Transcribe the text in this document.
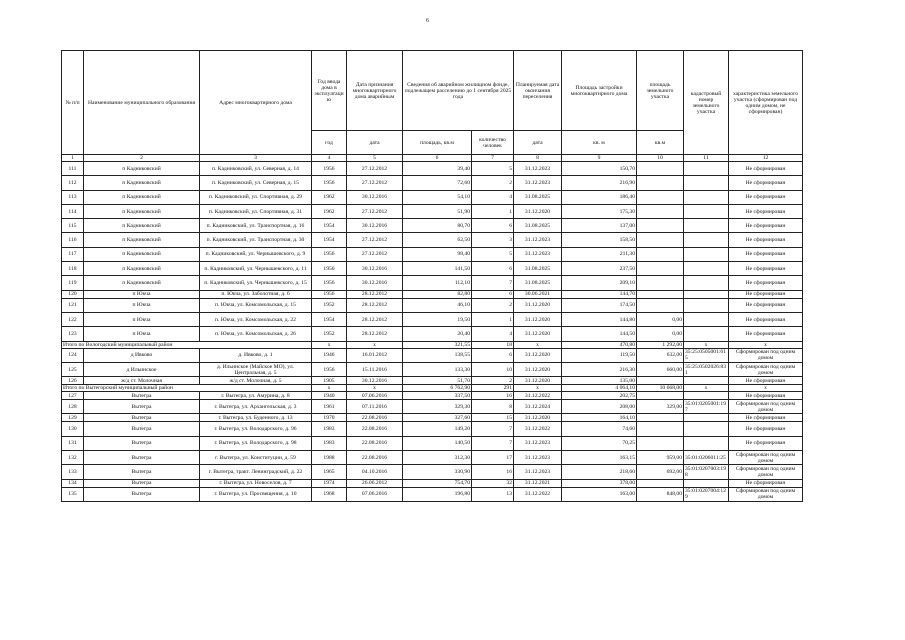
6
№ п/п	Наименование муниципального образования	Адрес многоквартирного дома	Год ввода дома в эксплуатацию	Дата признания многоквартирного дома аварийным	Сведения об аварийном жилищном фонде, подлежащем расселению до 1 сентября 2025 года		Планируемая дата окончания переселения	Площадь застройки многоквартирного дома	площадь земельного участка	кадастровый номер земельного участка	характеристика земельного участка (сформирован под одним домом, не сформирован)
			год	дата	площадь, кв.м	количество человек	дата	кв. м	кв.м		
1	2	3	4	5	6	7	8	9	10	11	12
111	п Кадниковский	п. Кадниковский, ул. Северная, д. 14	1956	27.12.2012	39,40	5	31.12.2023	150,70			Не сформирован
112	п Кадниковский	п. Кадниковский, ул. Северная, д. 15	1956	27.12.2012	72,60	2	31.12.2023	216,90			Не сформирован
113	п Кадниковский	п. Кадниковский, ул. Спортивная, д. 29	1962	30.12.2016	54,10	4	31.08.2025	186,40			Не сформирован
114	п Кадниковский	п. Кадниковский, ул. Спортивная, д. 31	1962	27.12.2012	51,90	1	31.12.2020	175,30			Не сформирован
115	п Кадниковский	п. Кадниковский, ул. Транспортная, д. 16	1954	30.12.2016	80,70	6	31.08.2025	137,00			Не сформирован
116	п Кадниковский	п. Кадниковский, ул. Транспортная, д. 30	1954	27.12.2012	62,50	3	31.12.2023	158,50			Не сформирован
117	п Кадниковский	п. Кадниковский, ул. Чернышевского, д. 9	1956	27.12.2012	98,40	5	31.12.2023	211,30			Не сформирован
118	п Кадниковский	п. Кадниковский, ул. Чернышевского, д. 11	1950	30.12.2016	141,50	6	31.08.2025	237,50			Не сформирован
119	п Кадниковский	п. Кадниковский, ул. Чернышевского, д. 15	1956	30.12.2016	112,10	7	31.08.2025	209,10			Не сформирован
120	п Юкча	п. Юкча, ул. Заболотная, д. 6	1956	28.12.2012	82,80	6	30.06.2021	144,70			Не сформирован
121	п Юкча	п. Юкча, ул. Комсомольская, д. 15	1952	28.12.2012	46,10	2	31.12.2020	174,50			Не сформирован
122	п Юкча	п. Юкча, ул. Комсомольская, д. 22	1954	28.12.2012	19,50	1	31.12.2020	144,80	0,00		Не сформирован
123	п Юкча	п. Юкча, ул. Комсомольская, д. 26	1952	28.12.2012	20,40	4	31.12.2020	144,50	0,00		Не сформирован
Итого по Вологодский муниципальный район			x	x	321,55	18	x	470,80	1 292,00	x	x
124	д Ивково	д. Ивково, д. 1	1946	16.01.2012	138,55	6	31.12.2020	119,50	632,00	35:25:0505001:615	Сформирован под одним домом
125	д Ильинское	д. Ильинское (Майское МО), ул. Центральная, д. 5	1956	15.11.2016	133,30	10	31.12.2020	216,30	660,00	35:25:0502026:831	Сформирован под одним домом
126	ж/д ст. Молочная	ж/д ст. Молочная, д. 5	1905	30.12.2016	51,70	2	31.12.2020	135,00			Не сформирован
Итого по Вытегорский муниципальный район			x	x	6 762,90	291	x	4 064,10	10 668,00	x	x
127	Вытегра	г. Вытегра, ул. Амурина, д. 8	1940	07.06.2016	337,50	16	31.12.2022	202,75			Не сформирован
128	Вытегра	г. Вытегра, ул. Архангельская, д. 3	1961	07.11.2016	329,30	8	31.12.2024	208,00	329,00	35:01:0205001:197	Сформирован под одним домом
129	Вытегра	г. Вытегра, ул. Буденного, д. 13	1970	22.08.2016	327,60	15	31.12.2020	164,10			Не сформирован
130	Вытегра	г. Вытегра, ул. Володарского, д. 96	1983	22.08.2016	149,20	7	31.12.2022	74,60			Не сформирован
131	Вытегра	г. Вытегра, ул. Володарского, д. 98	1983	22.08.2016	140,50	7	31.12.2023	70,25			Не сформирован
132	Вытегра	г. Вытегра, ул. Конституции, д. 59	1988	22.08.2016	312,30	17	31.12.2023	163,15	959,00	35:01:0206011:25	Сформирован под одним домом
133	Вытегра	г. Вытегра, тракт. Ленинградский, д. 22	1965	04.10.2016	330,90	16	31.12.2023	218,60	692,00	35:01:0207003:198	Сформирован под одним домом
134	Вытегра	г. Вытегра, ул. Новоселов, д. 7	1974	26.06.2012	754,70	32	31.12.2021	378,00			Не сформирован
135	Вытегра	г. Вытегра, ул. Просвещения, д. 10	1968	07.06.2016	196,80	13	31.12.2022	163,00	848,00	35:01:0207004:129	Сформирован под одним домом
